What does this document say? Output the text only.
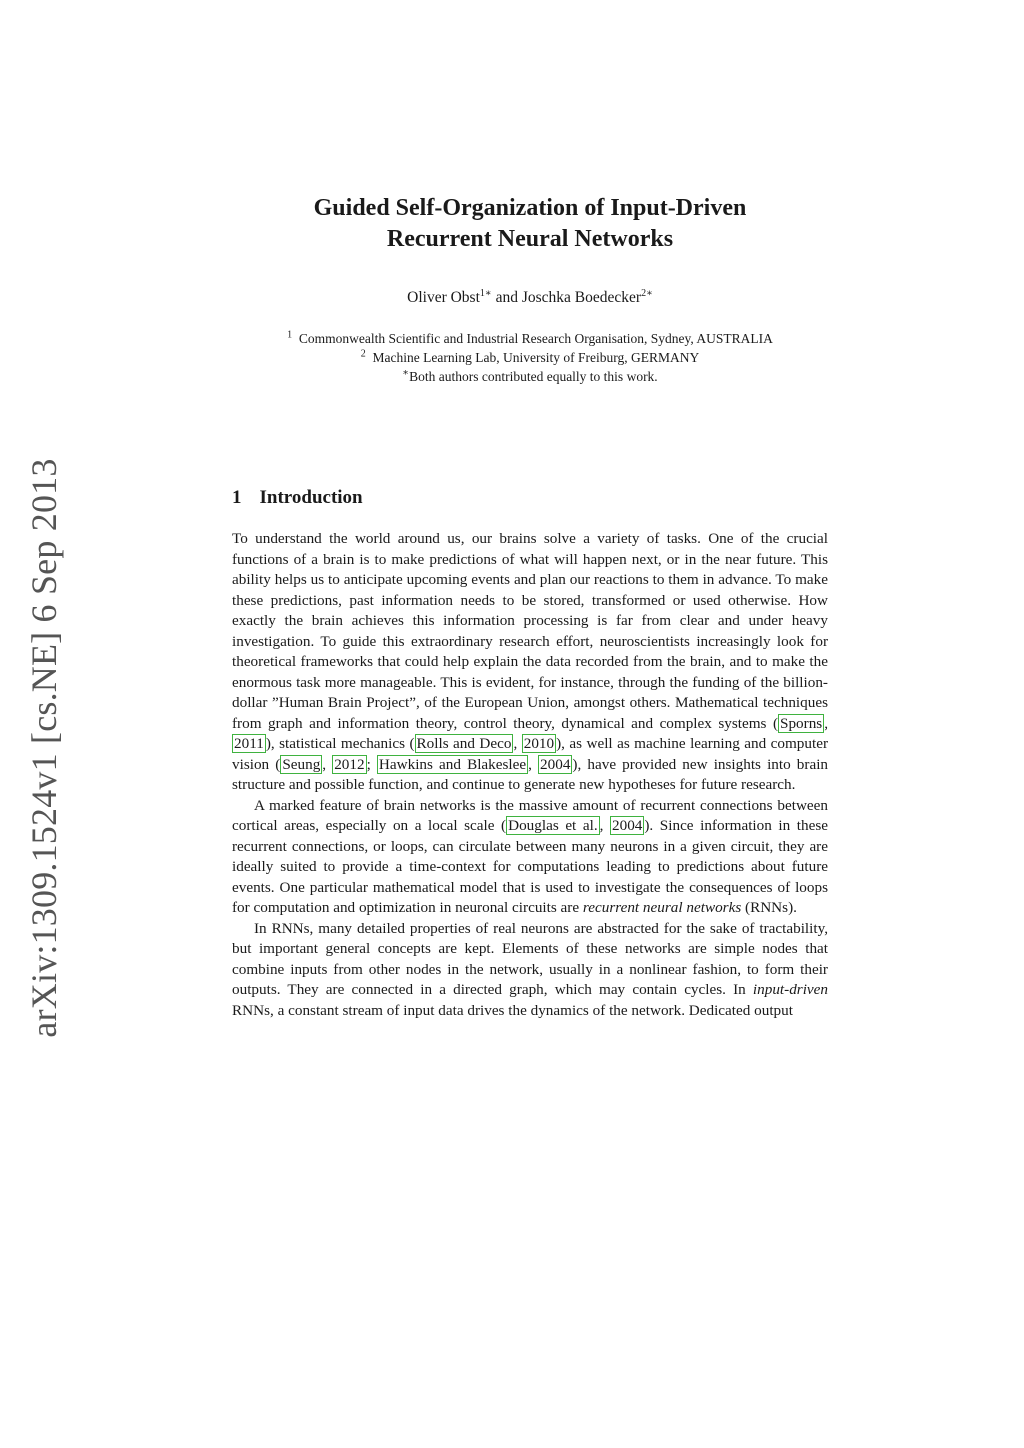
arXiv:1309.1524v1 [cs.NE] 6 Sep 2013
Guided Self-Organization of Input-Driven
Recurrent Neural Networks
Oliver Obst$^{1∗}$ and Joschka Boedecker$^{2∗}$

$^1$ Commonwealth Scientific and Industrial Research Organisation, Sydney, AUSTRALIA

$^2$ Machine Learning Lab, University of Freiburg, GERMANY

∗Both authors contributed equally to this work.

1 Introduction

To understand the world around us, our brains solve a variety of tasks. One of the crucial functions of a brain is to make predictions of what will happen next, or in the near future. This ability helps us to anticipate upcoming events and plan our reactions to them in advance. To make these predictions, past information needs to be stored, transformed or used otherwise. How exactly the brain achieves this information processing is far from clear and under heavy investigation. To guide this extraordinary research effort, neuroscientists increasingly look for theoretical frameworks that could help explain the data recorded from the brain, and to make the enormous task more manageable. This is evident, for instance, through the funding of the billion-dollar ”Human Brain Project”, of the European Union, amongst others. Mathematical techniques from graph and information theory, control theory, dynamical and complex systems ( Sporns , 2011 ), statistical mechanics ( Rolls and Deco , 2010 ), as well as machine learning and computer vision ( Seung , 2012 ; Hawkins and Blakeslee , 2004 ), have provided new insights into brain structure and possible function, and continue to generate new hypotheses for future research.

A marked feature of brain networks is the massive amount of recurrent connections between cortical areas, especially on a local scale ( Douglas et al. , 2004 ). Since information in these recurrent connections, or loops, can circulate between many neurons in a given circuit, they are ideally suited to provide a time-context for computations leading to predictions about future events. One particular mathematical model that is used to investigate the consequences of loops for computation and optimization in neuronal circuits are recurrent neural networks (RNNs).

In RNNs, many detailed properties of real neurons are abstracted for the sake of tractability, but important general concepts are kept. Elements of these networks are simple nodes that combine inputs from other nodes in the network, usually in a nonlinear fashion, to form their outputs. They are connected in a directed graph, which may contain cycles. In input-driven RNNs, a constant stream of input data drives the dynamics of the network. Dedicated output
